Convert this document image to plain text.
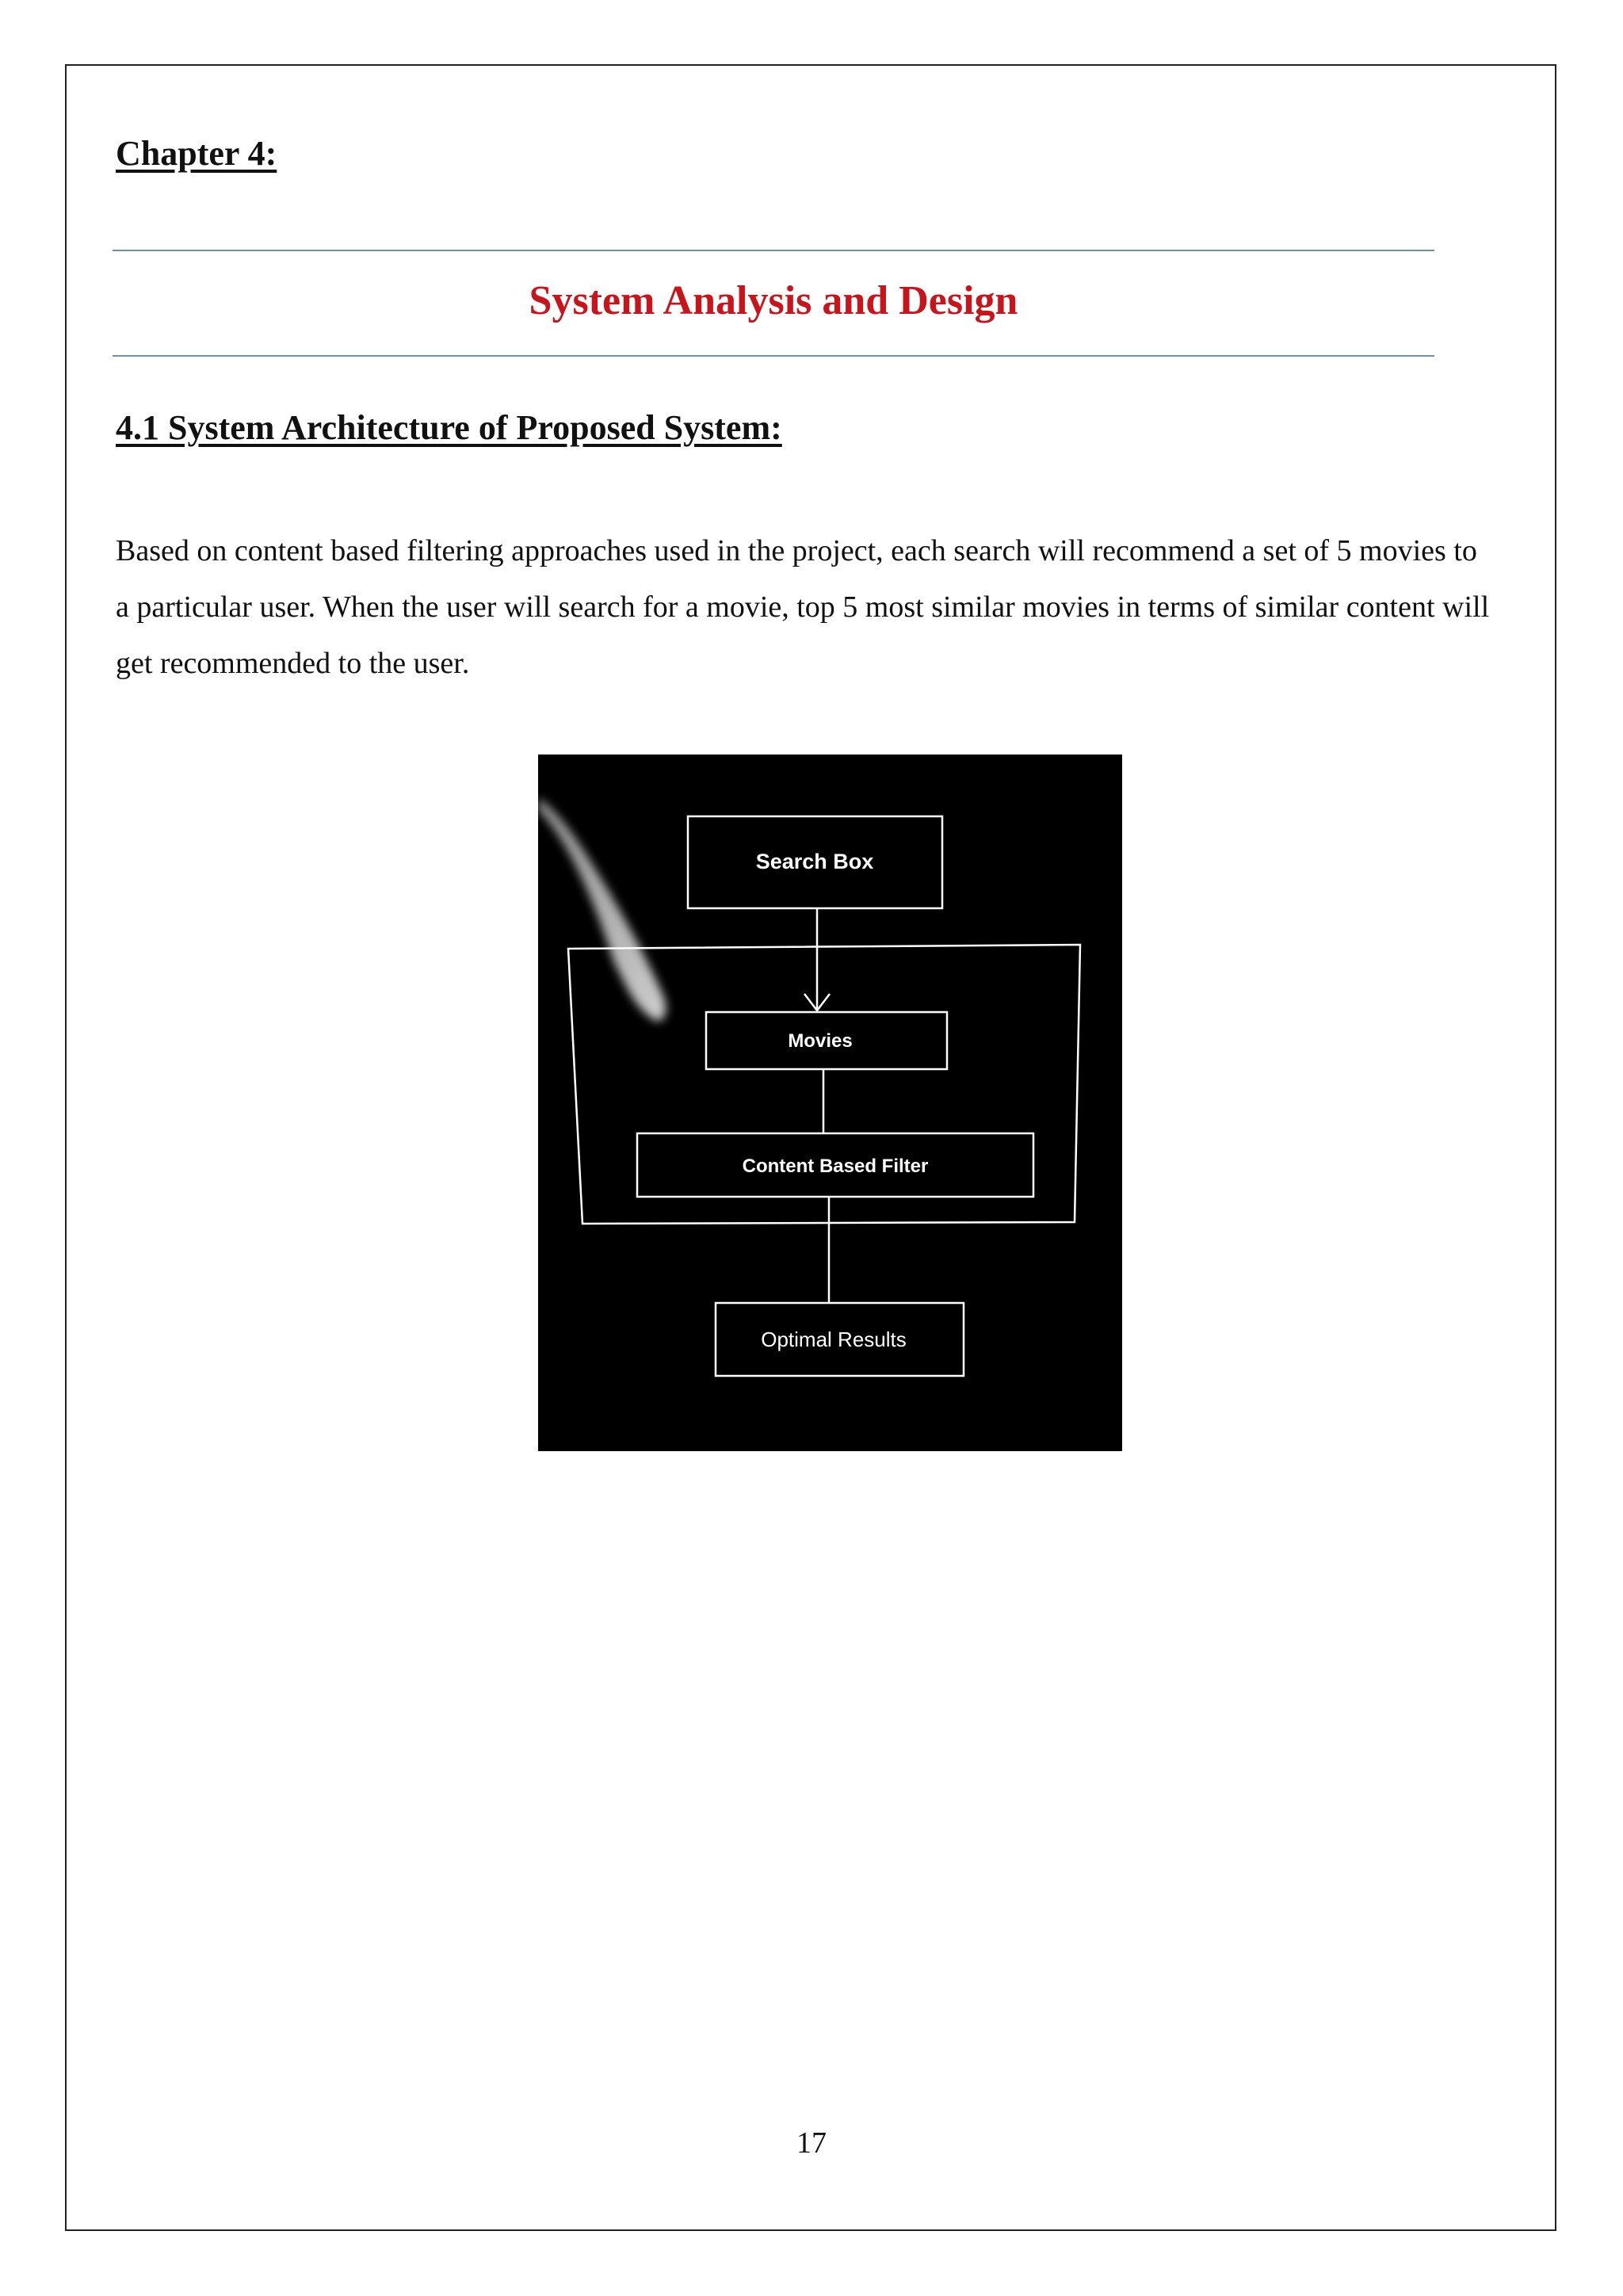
Chapter 4:
System Analysis and Design
4.1 System Architecture of Proposed System:

Based on content based filtering approaches used in the project, each search will recommend a set of 5 movies to a particular user. When the user will search for a movie, top 5 most similar movies in terms of similar content will get recommended to the user.

Search Box
Movies
Content Based Filter
Optimal Results

17
